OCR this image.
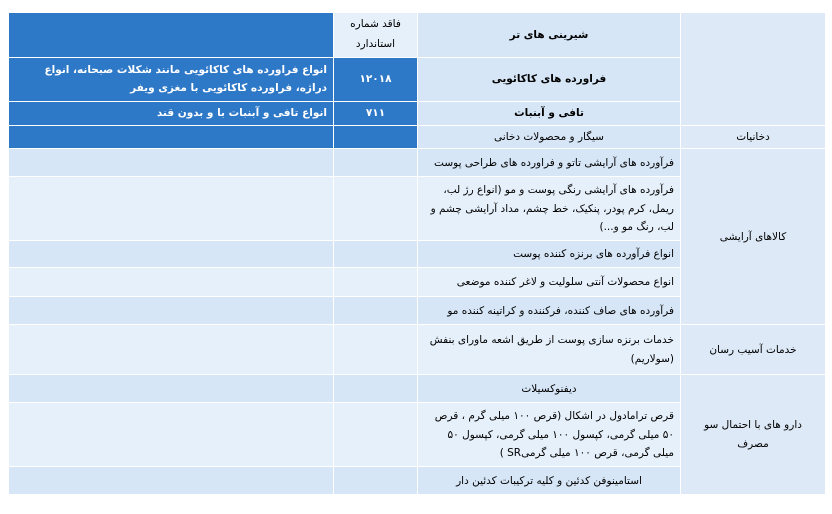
	فاقد شماره استاندارد	شیرینی های تر	
انواع فراورده های کاکائویی مانند شکلات صبحانه، انواع دراژه، فراورده کاکائویی با مغزی ویفر	۱۲۰۱۸	فراورده های کاکائویی	
انواع تافی و آبنبات با و بدون قند	۷۱۱	تافی و آبنبات	
		سیگار و محصولات دخانی	دخانیات
		فرآورده های آرایشی تاتو و فراورده های طراحی پوست	کالاهای آرایشی
		فرآورده های آرایشی رنگی پوست و مو (انواع رژ لب، ریمل، کرم پودر، پنکیک، خط چشم، مداد آرایشی چشم و لب، رنگ مو و...)	
		انواع فرآورده های برنزه کننده پوست	
		انواع محصولات آنتی سلولیت و لاغر کننده موضعی	
		فرآورده های صاف کننده، فرکننده و کراتینه کننده مو	
		خدمات برنزه سازی پوست از طریق اشعه ماورای بنفش (سولاریم)	خدمات آسیب رسان
		دیفنوکسیلات	دارو های با احتمال سو مصرف
		قرص ترامادول در اشکال (قرص ۱۰۰ میلی گرم ، قرص ۵۰ میلی گرمی، کپسول ۱۰۰ میلی گرمی، کپسول ۵۰ میلی گرمی، قرص ۱۰۰ میلی گرمیSR )	
		استامینوفن کدئین و کلیه ترکیبات کدئین دار	
